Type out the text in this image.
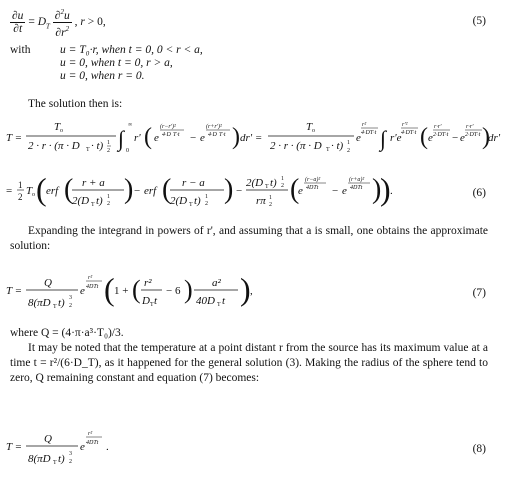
$\frac{\partial u}{\partial t} = D_T \frac{\partial^2u}{\partial r^2}$ , r > 0,	(5)
with	u = T₀·r, when t = 0, 0 < r < a,
u = 0, when t = 0, r > a,
u = 0, when r = 0.
The solution then is:
T =
T o
2 · r · (π · D T · t) 1
2 ∫
∞
0
r' ( e
(r−r')²
4·D T·t − e
(r+r')²
4·D T·t ) dr' =
T o
2 · r · (π · D T · t) 1
2
e
r²
4·DT·t ∫ r'e
r'²
4·DT·t ( e
r·r'
2·DT·t − e
r·r'
2·DT·t )
dr'
= 1
2 T o ( erf ( r + a
2(D T t) 1
2 ) − erf ( r − a
2(D T t) 1
2 ) −
2(D T t) 1
2
rπ 1
2 (
e
(r−a)²
4DTt − e
(r+a)²
4DTt )
) .	(6)
Expanding the integrand in powers of r', and assuming that a is small, one obtains the approximate solution:
T =
Q
8(πD T t) 3
2
e
r²
4DTt ( 1 + ( r²
D T t
− 6 ) a²
40D T t ) ,	(7)
where Q = (4·π·a³·T₀)/3.
It may be noted that the temperature at a point distant r from the source has its maximum value at a time t = r²/(6·D_T), as it happened for the general solution (3). Making the radius of the sphere tend to zero, Q remaining constant and equation (7) becomes:
T =
Q
8(πD T t) 3
2
e
r²
4DTt .	(8)
